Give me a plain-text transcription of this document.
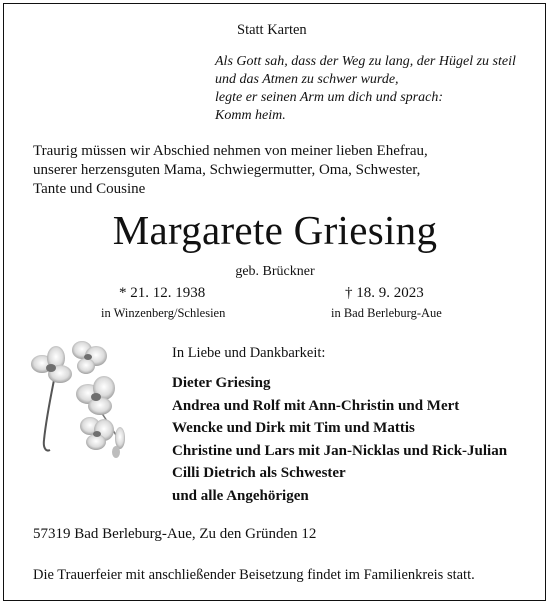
Statt Karten
Als Gott sah, dass der Weg zu lang, der Hügel zu steil
und das Atmen zu schwer wurde,
legte er seinen Arm um dich und sprach:
Komm heim.
Traurig müssen wir Abschied nehmen von meiner lieben Ehefrau,
unserer herzensguten Mama, Schwiegermutter, Oma, Schwester,
Tante und Cousine
Margarete Griesing
geb. Brückner
* 21. 12. 1938	† 18. 9. 2023
in Winzenberg/Schlesien	in Bad Berleburg-Aue
In Liebe und Dankbarkeit:
Dieter Griesing
Andrea und Rolf mit Ann-Christin und Mert
Wencke und Dirk mit Tim und Mattis
Christine und Lars mit Jan-Nicklas und Rick-Julian
Cilli Dietrich als Schwester
und alle Angehörigen
57319 Bad Berleburg-Aue, Zu den Gründen 12
Die Trauerfeier mit anschließender Beisetzung findet im Familienkreis statt.
